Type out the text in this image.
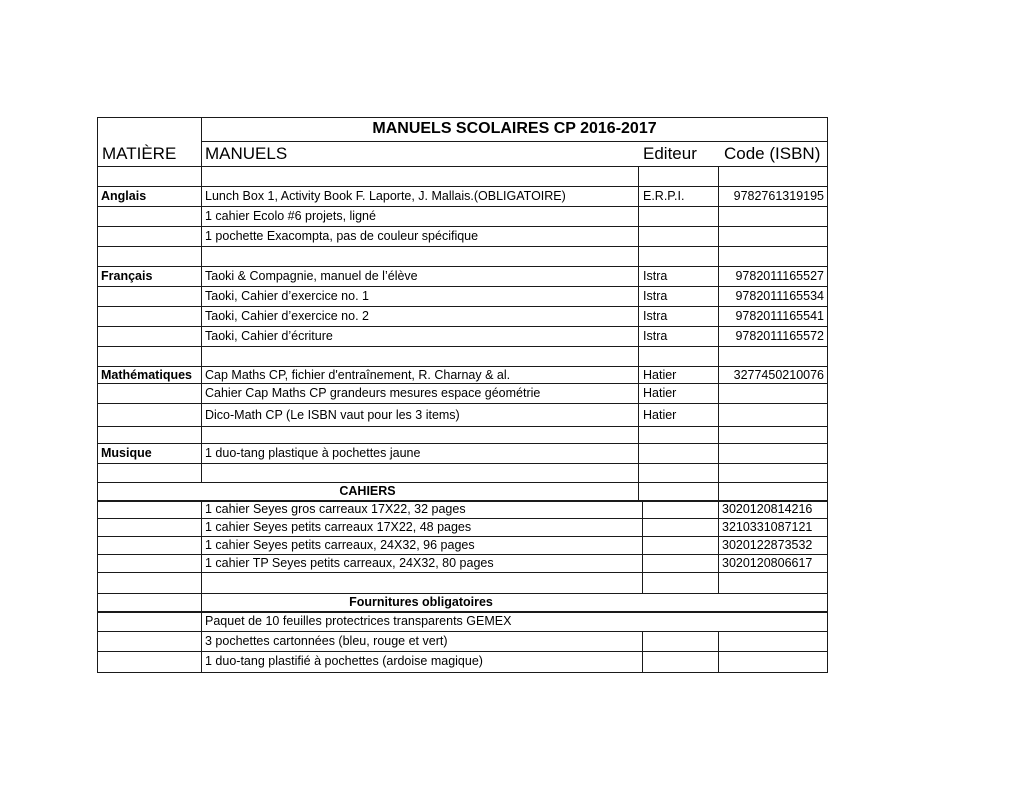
MANUELS SCOLAIRES CP 2016-2017
MATIÈRE	MANUELS	Editeur	Code (ISBN)
Anglais	Lunch Box 1, Activity Book F. Laporte, J. Mallais.(OBLIGATOIRE)	E.R.P.I.	9782761319195
1 cahier Ecolo #6 projets, ligné
1 pochette Exacompta, pas de couleur spécifique
Français	Taoki & Compagnie, manuel de l’élève	Istra	9782011165527
Taoki, Cahier d’exercice no. 1	Istra	9782011165534
Taoki, Cahier d’exercice no. 2	Istra	9782011165541
Taoki, Cahier d’écriture	Istra	9782011165572
Mathématiques	Cap Maths CP, fichier d'entraînement, R. Charnay & al.	Hatier	3277450210076
Cahier Cap Maths CP grandeurs mesures espace géométrie	Hatier
Dico-Math CP (Le ISBN vaut pour les 3 items)	Hatier
Musique	1 duo-tang plastique à pochettes jaune
CAHIERS
1 cahier Seyes gros carreaux 17X22, 32 pages	3020120814216
1 cahier Seyes petits carreaux 17X22, 48 pages	3210331087121
1 cahier Seyes petits carreaux, 24X32, 96 pages	3020122873532
1 cahier TP Seyes petits carreaux, 24X32, 80 pages	3020120806617
Fournitures obligatoires
Paquet de 10 feuilles protectrices transparents GEMEX
3 pochettes cartonnées (bleu, rouge et vert)
1 duo-tang plastifié à pochettes (ardoise magique)
